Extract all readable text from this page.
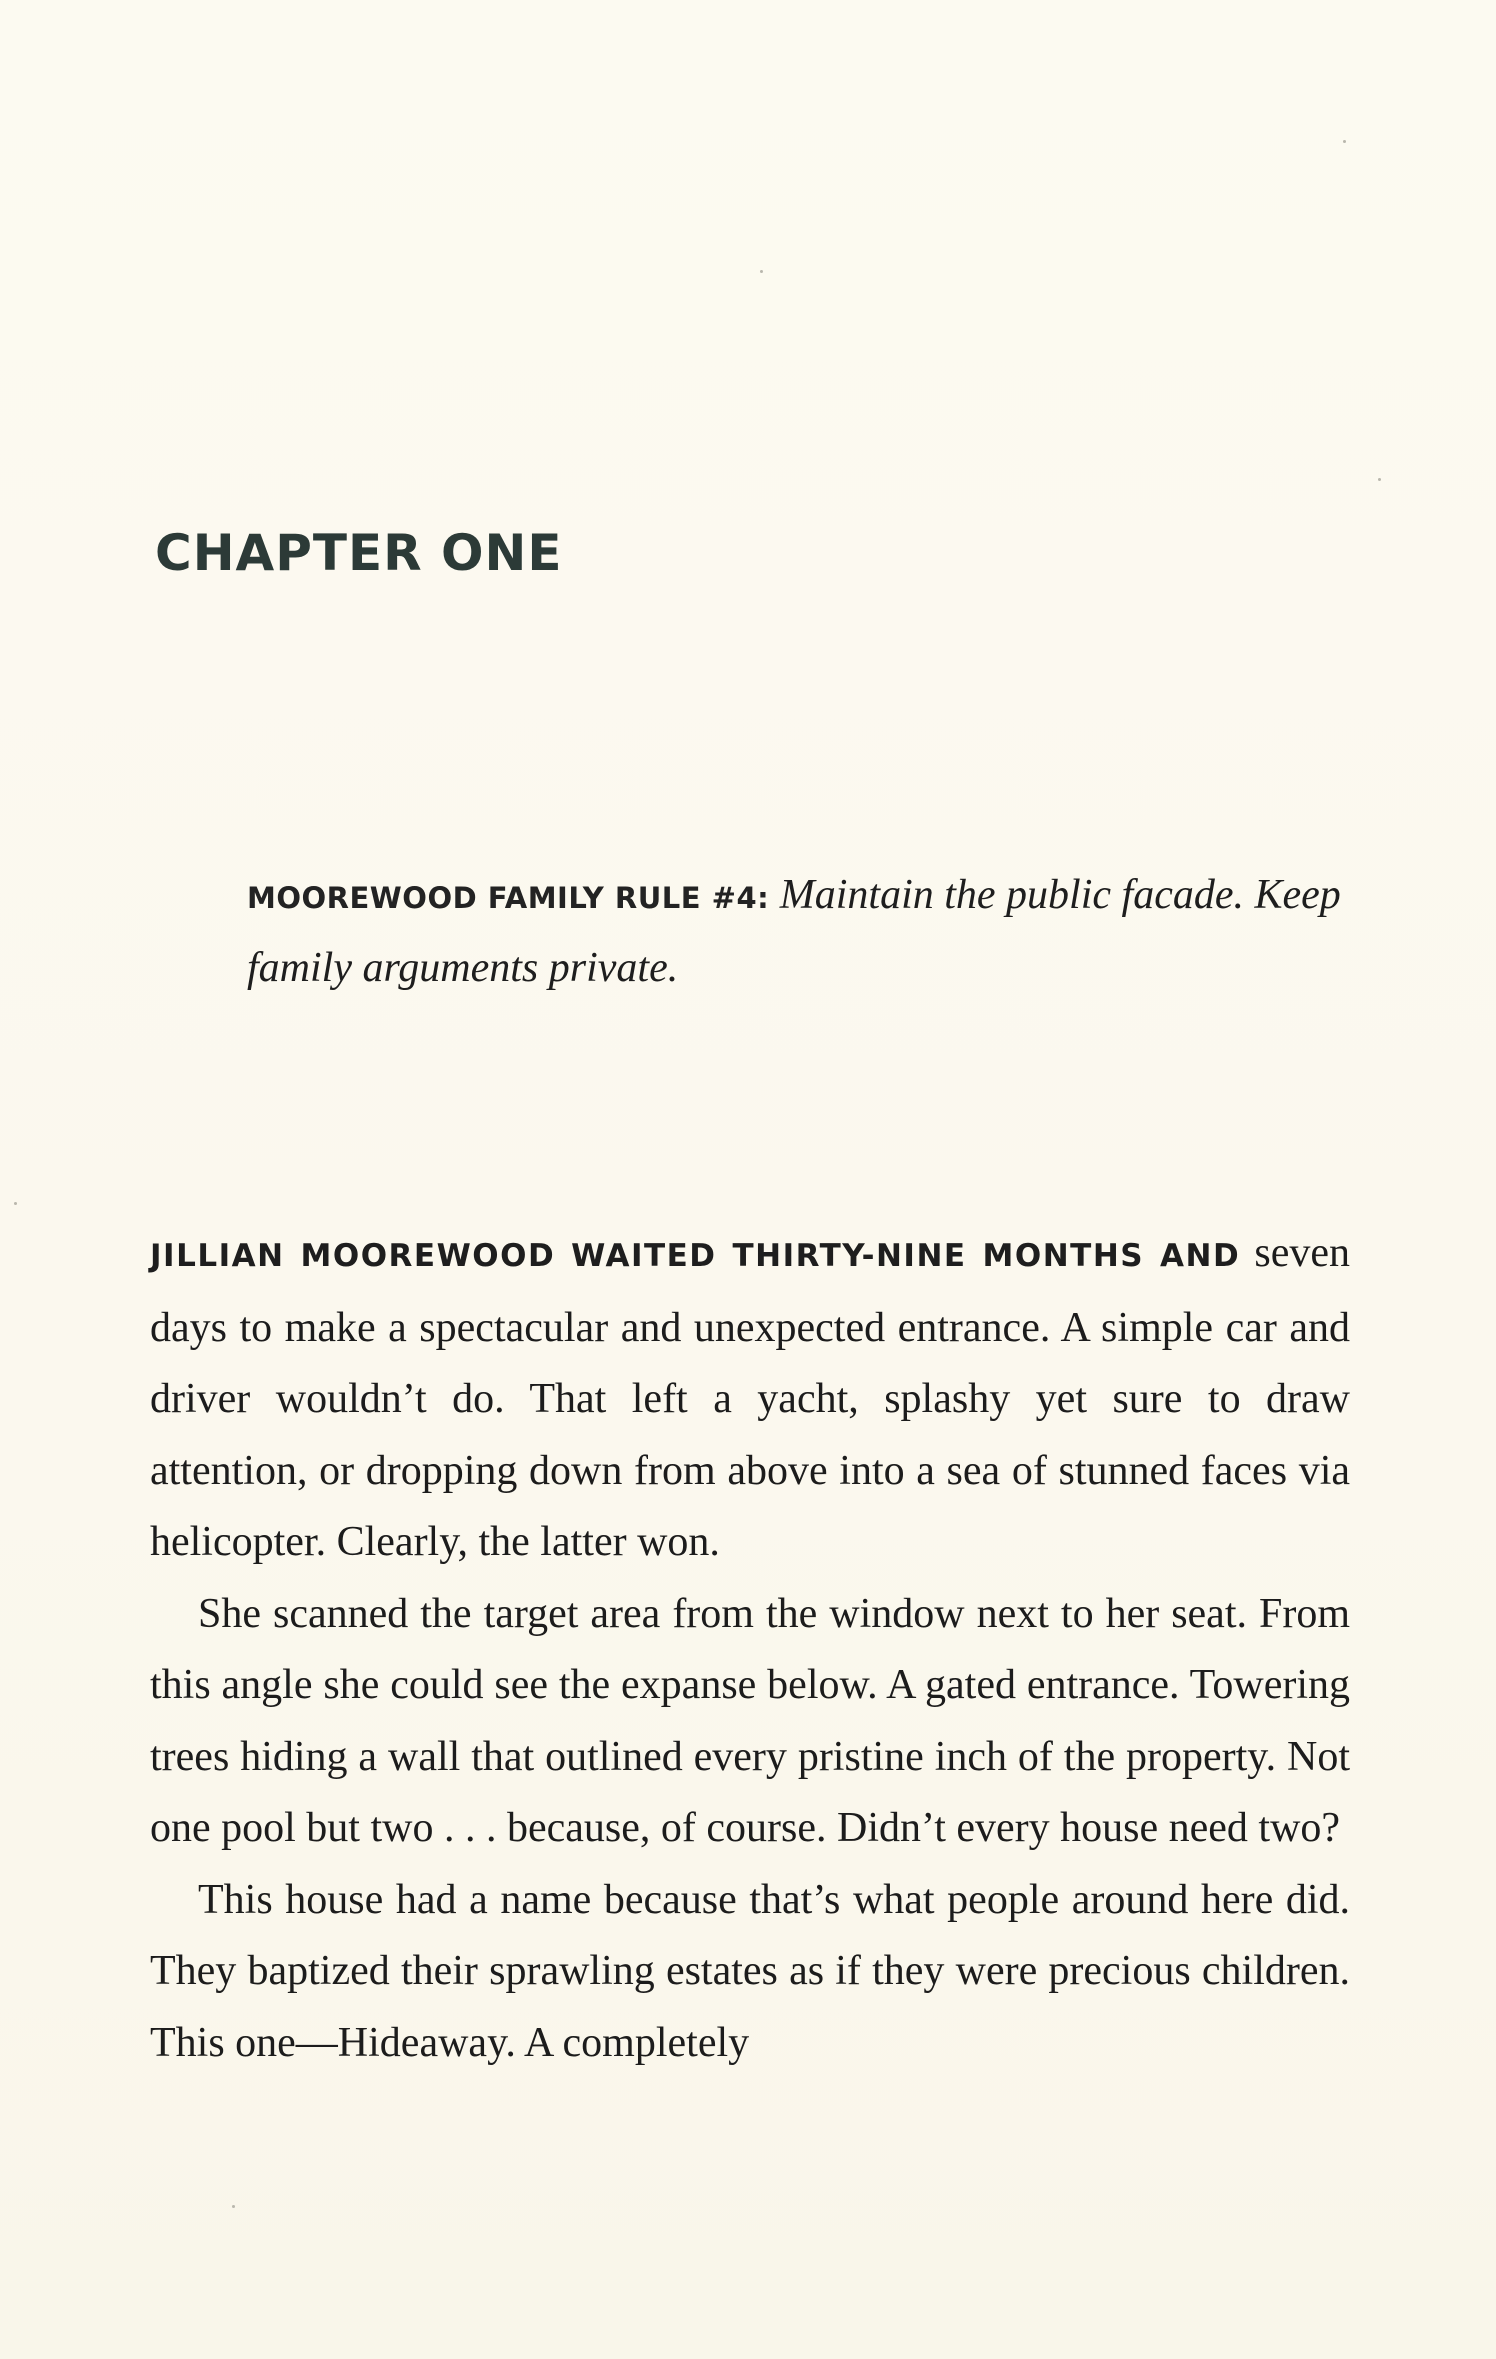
CHAPTER ONE
MOOREWOOD FAMILY RULE #4: Maintain the public facade. Keep family arguments private.

JILLIAN MOOREWOOD WAITED THIRTY-NINE MONTHS AND seven days to make a spectacular and unexpected entrance. A simple car and driver wouldn’t do. That left a yacht, splashy yet sure to draw attention, or dropping down from above into a sea of stunned faces via helicopter. Clearly, the latter won.

She scanned the target area from the window next to her seat. From this angle she could see the expanse below. A gated entrance. Towering trees hiding a wall that outlined every pristine inch of the property. Not one pool but two . . . because, of course. Didn’t every house need two?

This house had a name because that’s what people around here did. They baptized their sprawling estates as if they were precious children. This one—Hideaway. A completely
